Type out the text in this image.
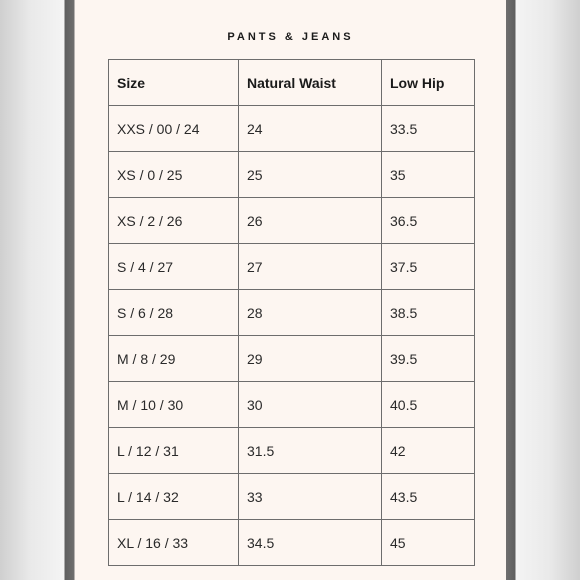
PANTS & JEANS
Size	Natural Waist	Low Hip
XXS / 00 / 24	24	33.5
XS / 0 / 25	25	35
XS / 2 / 26	26	36.5
S / 4 / 27	27	37.5
S / 6 / 28	28	38.5
M / 8 / 29	29	39.5
M / 10 / 30	30	40.5
L / 12 / 31	31.5	42
L / 14 / 32	33	43.5
XL / 16 / 33	34.5	45
